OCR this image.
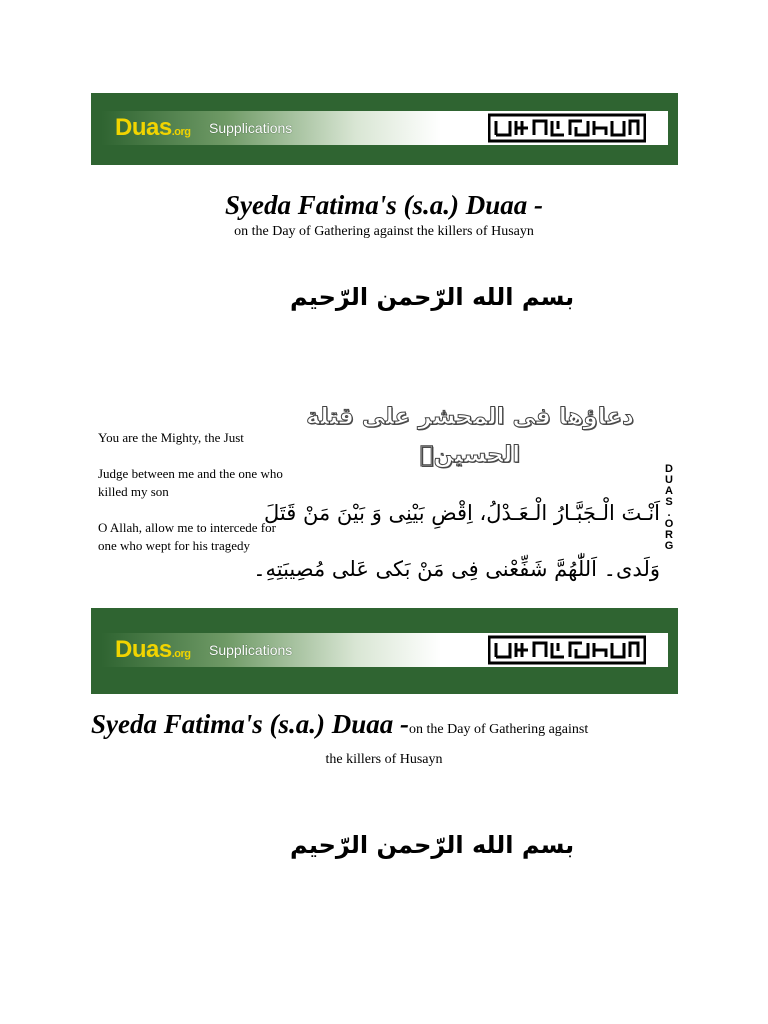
Duas.org Supplications
Syeda Fatima's (s.a.) Duaa -
on the Day of Gathering against the killers of Husayn
بسم الله الرّحمن الرّحيم
دعاؤها فى المحشر على قتلة
الحسينؑ

You are the Mighty, the Just

Judge between me and the one who killed my son

O Allah, allow me to intercede for one who wept for his tragedy

اَنْـتَ الْـجَبَّـارُ الْـعَـدْلُ، اِقْضِ بَيْنِى وَ بَيْنَ مَنْ قَتَلَ
وَلَدى۔ اَللّٰهُمَّ شَفِّعْنى فِى مَنْ بَكى عَلى مُصِيبَتِهِ۔
D
U
A
S
.
O
R
G
Duas.org Supplications
Syeda Fatima's (s.a.) Duaa -on the Day of Gathering against
the killers of Husayn
بسم الله الرّحمن الرّحيم
